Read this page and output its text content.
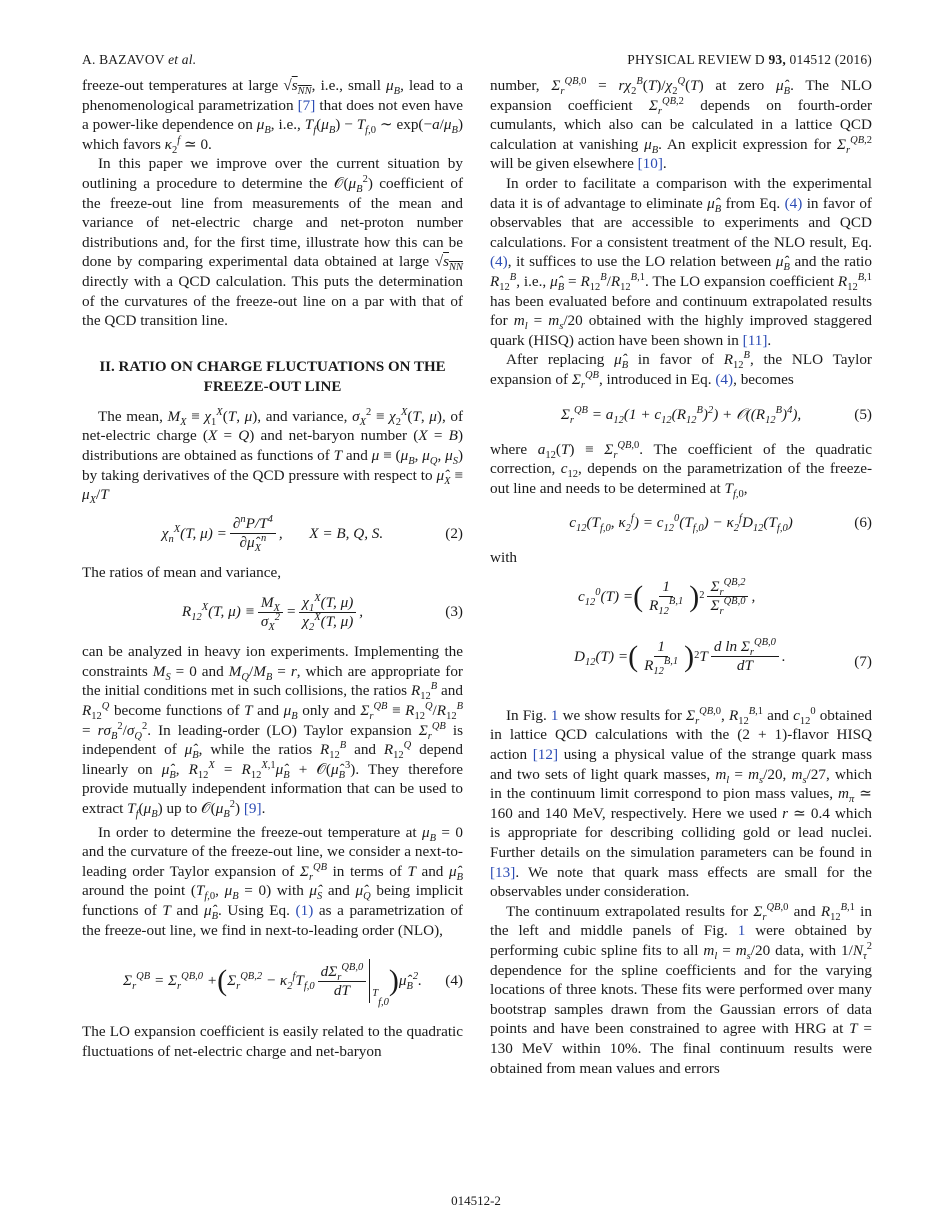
A. BAZAVOV et al.	PHYSICAL REVIEW D 93, 014512 (2016)

freeze-out temperatures at large $√s_{NN}$, i.e., small $\mu_B$, lead to a phenomenological parametrization [7] that does not even have a power-like dependence on $\mu_B$, i.e., $T_f(\mu_B) - T_{f,0}$ ∼ $\exp(-a/\mu_B)$ which favors $\kappa_2^f$ ≃ 0.

In this paper we improve over the current situation by outlining a procedure to determine the $𝒪(\mu_B^2)$ coefficient of the freeze-out line from measurements of the mean and variance of net-electric charge and net-proton number distributions and, for the first time, illustrate how this can be done by comparing experimental data obtained at large $√s_{NN}$ directly with a QCD calculation. This puts the determination of the curvatures of the freeze-out line on a par with that of the QCD transition line.

II. RATIO ON CHARGE FLUCTUATIONS ON THE FREEZE-OUT LINE

The mean, $M_X \equiv \chi_1^X(T$, μ), and variance, $\sigma_X^2 \equiv \chi_2^X(T$, μ), of net-electric charge (X = Q) and net-baryon number (X = B) distributions are obtained as functions of T and $\mu \equiv (\mu_B$, $\mu_Q$, $\mu_S$) by taking derivatives of the QCD pressure with respect to $\mû_X \equiv \mu_X/T$

$\chi_n^X(T$, $\mu) = \frac{\partial^nP/T^4}{\partial\mû_X^n}$ ,       X = B, Q, S.	(2)

The ratios of mean and variance,

$R_{12}^X(T$, $\mu) \equiv \frac{M_X}{\sigma_X^2} = \frac{\chi_1^X(T, \mu)}{\chi_2^X(T, \mu)}$ ,	(3)

can be analyzed in heavy ion experiments. Implementing the constraints $M_S = 0$ and $M_Q/M_B = r$, which are appropriate for the initial conditions met in such collisions, the ratios $R_{12}^B$ and $R_{12}^Q$ become functions of T and $\mu_B$ only and $\Sigma_r^{QB} \equiv R_{12}^Q/R_{12}^B = r\sigma_B^2/\sigma_Q^2$. In leading-order (LO) Taylor expansion $\Sigma_r^{QB}$ is independent of $\mû_B$, while the ratios $R_{12}^B$ and $R_{12}^Q$ depend linearly on $\mû_B$, $R_{12}^X$ = $R_{12}^{X,1}\mû_B$ + $𝒪(\mû_B^3)$. They therefore provide mutually independent information that can be used to extract $T_f(\mu_B)$ up to $𝒪(\mu_B^2)$ [9].

In order to determine the freeze-out temperature at $\mu_B = 0$ and the curvature of the freeze-out line, we consider a next-to-leading order Taylor expansion of $\Sigma_r^{QB}$ in terms of T and $\mû_B$ around the point ($T_{f,0}$, $\mu_B = 0$) with $\mû_S$ and $\mû_Q$ being implicit functions of T and $\mû_B$. Using Eq. (1) as a parametrization of the freeze-out line, we find in next-to-leading order (NLO),

$\Sigma_r^{QB} = \Sigma_r^{QB,0}$ + ( $\Sigma_r^{QB,2} - \kappa_2^fT_{f,0} \frac{d\Sigma_r^{QB,0}}{dT}$ T
f,0
) $\mû_B^2$. (4)

The LO expansion coefficient is easily related to the quadratic fluctuations of net-electric charge and net-baryon

number, $\Sigma_r^{QB,0} = r\chi_2^B(T)/\chi_2^Q(T)$ at zero $\mû_B$. The NLO expansion coefficient $\Sigma_r^{QB,2}$ depends on fourth-order cumulants, which also can be calculated in a lattice QCD calculation at vanishing $\mu_B$. An explicit expression for $\Sigma_r^{QB,2}$ will be given elsewhere [10].

In order to facilitate a comparison with the experimental data it is of advantage to eliminate $\mû_B$ from Eq. (4) in favor of observables that are accessible to experiments and QCD calculations. For a consistent treatment of the NLO result, Eq. (4), it suffices to use the LO relation between $\mû_B$ and the ratio $R_{12}^B$, i.e., $\mû_B = R_{12}^B/R_{12}^{B,1}$. The LO expansion coefficient $R_{12}^{B,1}$ has been evaluated before and continuum extrapolated results for $m_l = m_s/20$ obtained with the highly improved staggered quark (HISQ) action have been shown in [11].

After replacing $\mû_B$ in favor of $R_{12}^B$, the NLO Taylor expansion of $\Sigma_r^{QB}$, introduced in Eq. (4), becomes

$\Sigma_r^{QB} = a_{12}(1 + c_{12}(R_{12}^B)^2)$ + $𝒪((R_{12}^B)^4)$,	(5)

where $a_{12}(T) \equiv \Sigma_r^{QB,0}$. The coefficient of the quadratic correction, $c_{12}$, depends on the parametrization of the freeze-out line and needs to be determined at $T_{f,0}$,

$c_{12}(T_{f,0}$, $\kappa_2^f) = c_{12}^0(T_{f,0}) - \kappa_2^fD_{12}(T_{f,0})$	(6)

with

$c_{12}^0(T)$ = ( $\frac{1}{R_{12}^{B,1}}$ ) $2 \frac{\Sigma_r^{QB,2}}{\Sigma_r^{QB,0}}$ ,
$D_{12}(T)$ = ( $\frac{1}{R_{12}^{B,1}}$ ) 2 T $\frac{d \ln \Sigma_r^{QB,0}}{dT}$ .	(7)

In Fig. 1 we show results for $\Sigma_r^{QB,0}$, $R_{12}^{B,1}$ and $c_{12}^0$ obtained in lattice QCD calculations with the (2 + 1)-flavor HISQ action [12] using a physical value of the strange quark mass and two sets of light quark masses, $m_l = m_s/20$, $m_s/27$, which in the continuum limit correspond to pion mass values, $m_\pi$ ≃ 160 and 140 MeV, respectively. Here we used r ≃ 0.4 which is appropriate for describing colliding gold or lead nuclei. Further details on the simulation parameters can be found in [13]. We note that quark mass effects are small for the observables under consideration.

The continuum extrapolated results for $\Sigma_r^{QB,0}$ and $R_{12}^{B,1}$ in the left and middle panels of Fig. 1 were obtained by performing cubic spline fits to all $m_l = m_s/20$ data, with $1/N_\tau^2$ dependence for the spline coefficients and for the varying locations of three knots. These fits were performed over many bootstrap samples drawn from the Gaussian errors of data points and have been constrained to agree with HRG at T = 130 MeV within 10%. The final continuum results were obtained from mean values and errors

014512-2
